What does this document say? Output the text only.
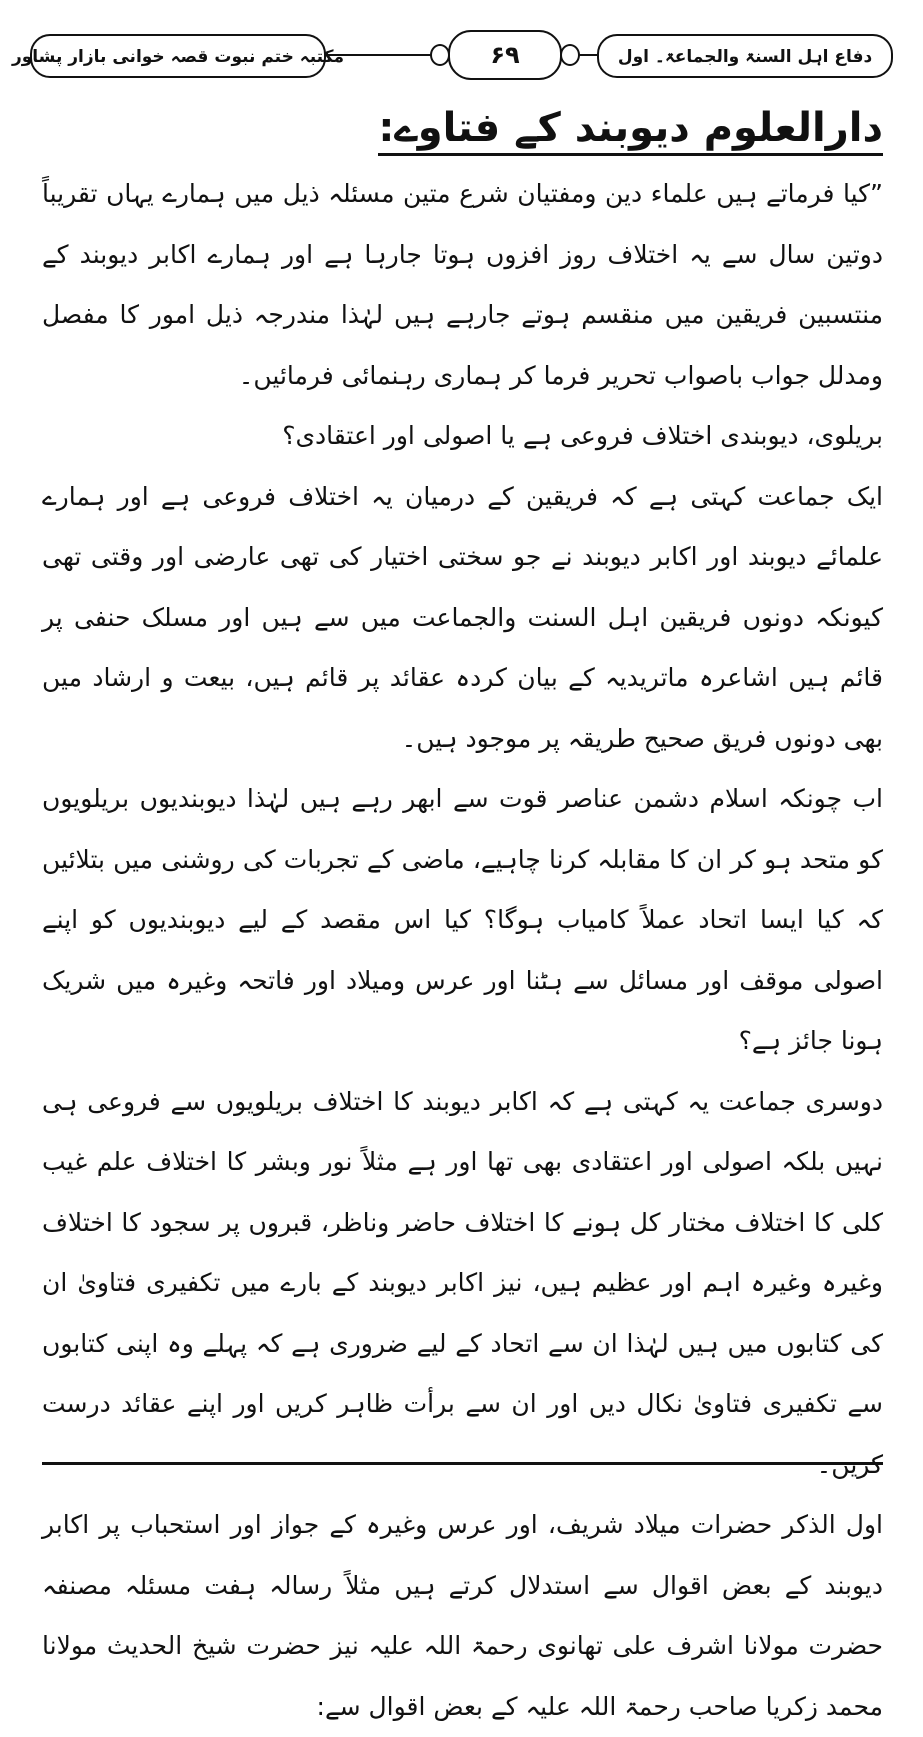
مکتبہ ختم نبوت قصہ خوانی بازار پشاور	۶۹	دفاع اہل السنۃ والجماعۃ۔ اول
دارالعلوم دیوبند کے فتاوے:

”کیا فرماتے ہیں علماء دین ومفتیان شرع متین مسئلہ ذیل میں ہمارے یہاں تقریباً دوتین سال سے یہ اختلاف روز افزوں ہوتا جارہا ہے اور ہمارے اکابر دیوبند کے منتسبین فریقین میں منقسم ہوتے جارہے ہیں لہٰذا مندرجہ ذیل امور کا مفصل ومدلل جواب باصواب تحریر فرما کر ہماری رہنمائی فرمائیں۔

بریلوی، دیوبندی اختلاف فروعی ہے یا اصولی اور اعتقادی؟

ایک جماعت کہتی ہے کہ فریقین کے درمیان یہ اختلاف فروعی ہے اور ہمارے علمائے دیوبند اور اکابر دیوبند نے جو سختی اختیار کی تھی عارضی اور وقتی تھی کیونکہ دونوں فریقین اہل السنت والجماعت میں سے ہیں اور مسلک حنفی پر قائم ہیں اشاعرہ ماتریدیہ کے بیان کردہ عقائد پر قائم ہیں، بیعت و ارشاد میں بھی دونوں فریق صحیح طریقہ پر موجود ہیں۔

اب چونکہ اسلام دشمن عناصر قوت سے ابھر رہے ہیں لہٰذا دیوبندیوں بریلویوں کو متحد ہو کر ان کا مقابلہ کرنا چاہیے، ماضی کے تجربات کی روشنی میں بتلائیں کہ کیا ایسا اتحاد عملاً کامیاب ہوگا؟ کیا اس مقصد کے لیے دیوبندیوں کو اپنے اصولی موقف اور مسائل سے ہٹنا اور عرس ومیلاد اور فاتحہ وغیرہ میں شریک ہونا جائز ہے؟

دوسری جماعت یہ کہتی ہے کہ اکابر دیوبند کا اختلاف بریلویوں سے فروعی ہی نہیں بلکہ اصولی اور اعتقادی بھی تھا اور ہے مثلاً نور وبشر کا اختلاف علم غیب کلی کا اختلاف مختار کل ہونے کا اختلاف حاضر وناظر، قبروں پر سجود کا اختلاف وغیرہ وغیرہ اہم اور عظیم ہیں، نیز اکابر دیوبند کے بارے میں تکفیری فتاویٰ ان کی کتابوں میں ہیں لہٰذا ان سے اتحاد کے لیے ضروری ہے کہ پہلے وہ اپنی کتابوں سے تکفیری فتاویٰ نکال دیں اور ان سے برأت ظاہر کریں اور اپنے عقائد درست کریں۔

اول الذکر حضرات میلاد شریف، اور عرس وغیرہ کے جواز اور استحباب پر اکابر دیوبند کے بعض اقوال سے استدلال کرتے ہیں مثلاً رسالہ ہفت مسئلہ مصنفہ حضرت مولانا اشرف علی تھانوی رحمۃ اللہ علیہ نیز حضرت شیخ الحدیث مولانا محمد زکریا صاحب رحمۃ اللہ علیہ کے بعض اقوال سے:
